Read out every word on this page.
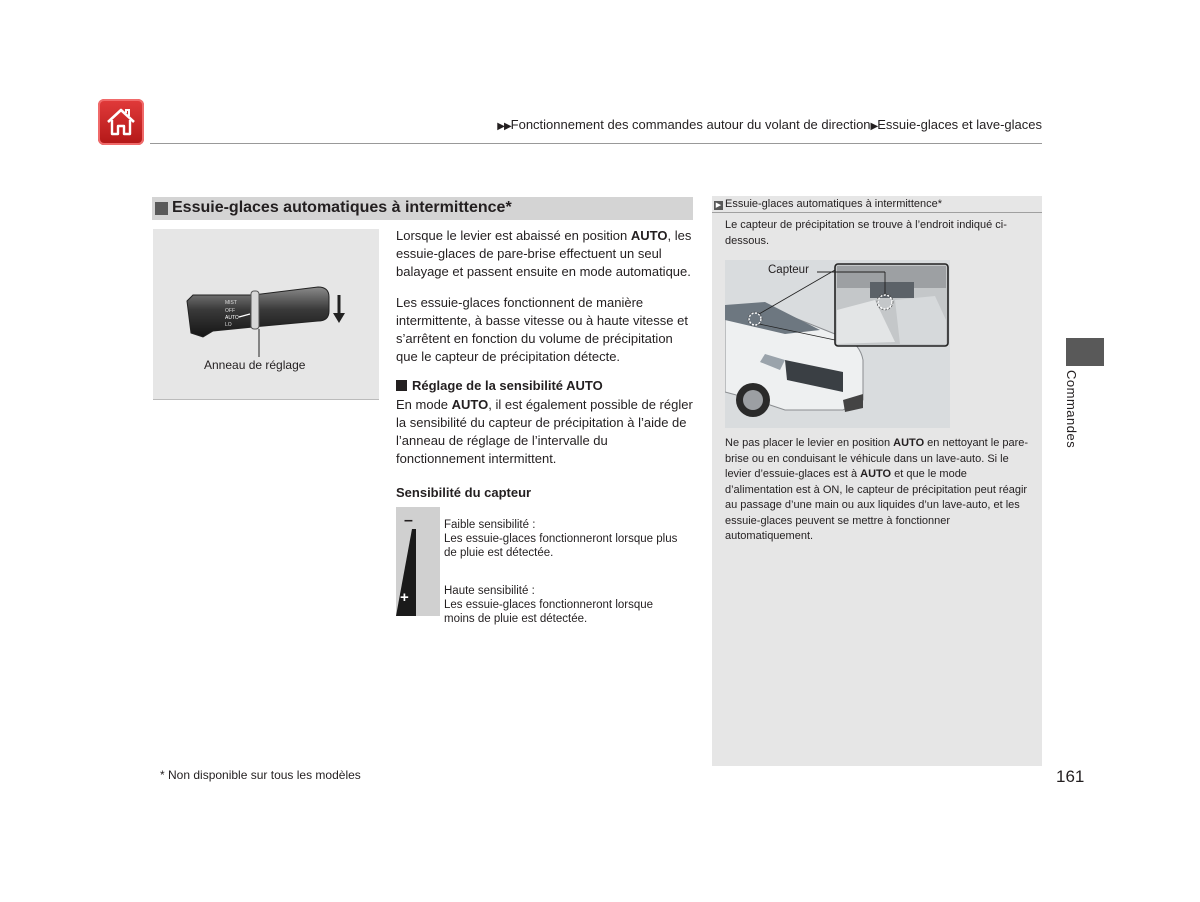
▶▶Fonctionnement des commandes autour du volant de direction▶Essuie-glaces et lave-glaces
Essuie-glaces automatiques à intermittence*
MIST
OFF
AUTO
LO
Anneau de réglage
Lorsque le levier est abaissé en position AUTO, les essuie-glaces de pare-brise effectuent un seul balayage et passent ensuite en mode automatique.
Les essuie-glaces fonctionnent de manière intermittente, à basse vitesse ou à haute vitesse et s’arrêtent en fonction du volume de précipitation que le capteur de précipitation détecte.
Réglage de la sensibilité AUTO
En mode AUTO, il est également possible de régler la sensibilité du capteur de précipitation à l’aide de l’anneau de réglage de l’intervalle du fonctionnement intermittent.
Sensibilité du capteur
–
+
Faible sensibilité :
Les essuie-glaces fonctionneront lorsque plus de pluie est détectée.
Haute sensibilité :
Les essuie-glaces fonctionneront lorsque moins de pluie est détectée.
▶ Essuie-glaces automatiques à intermittence*
Le capteur de précipitation se trouve à l’endroit indiqué ci-dessous.
Capteur
Ne pas placer le levier en position AUTO en nettoyant le pare-brise ou en conduisant le véhicule dans un lave-auto. Si le levier d’essuie-glaces est à AUTO et que le mode d’alimentation est à ON, le capteur de précipitation peut réagir au passage d’une main ou aux liquides d’un lave-auto, et les essuie-glaces peuvent se mettre à fonctionner automatiquement.
* Non disponible sur tous les modèles	161
Commandes
